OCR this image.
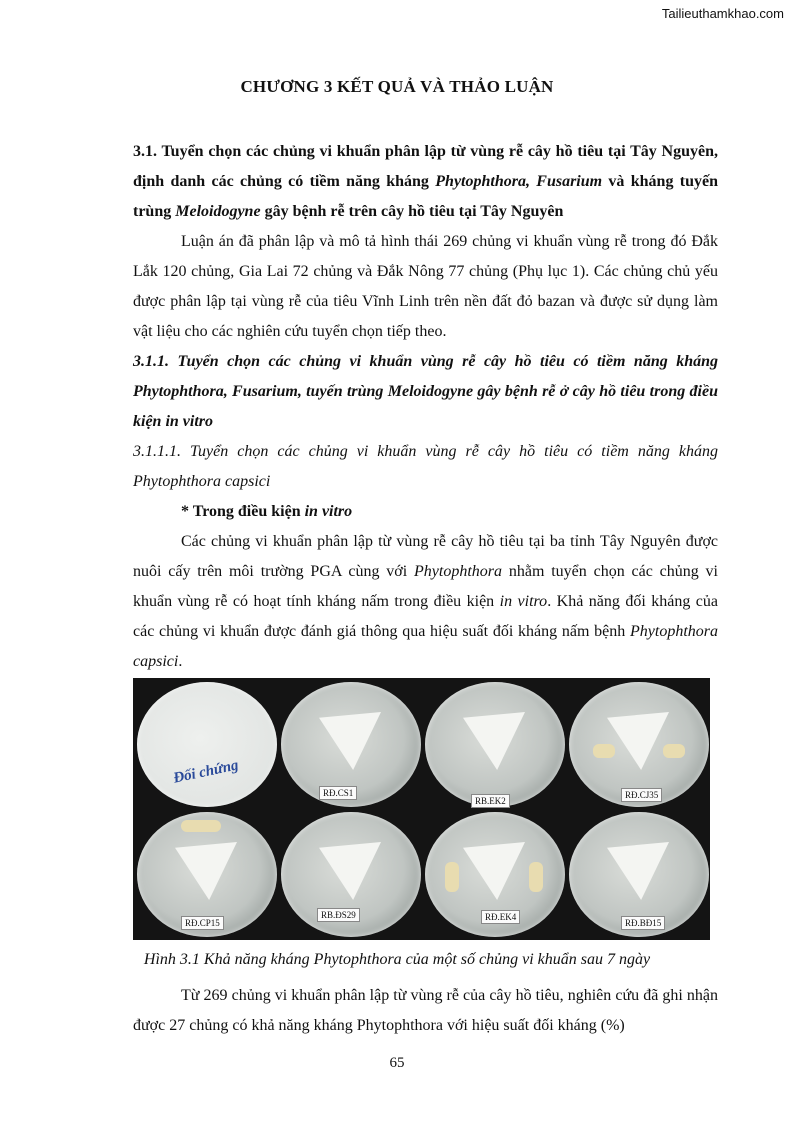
Tailieuthamkhao.com
CHƯƠNG 3 KẾT QUẢ VÀ THẢO LUẬN

3.1. Tuyển chọn các chủng vi khuẩn phân lập từ vùng rễ cây hồ tiêu tại Tây Nguyên, định danh các chủng có tiềm năng kháng Phytophthora, Fusarium và kháng tuyến trùng Meloidogyne gây bệnh rễ trên cây hồ tiêu tại Tây Nguyên

Luận án đã phân lập và mô tả hình thái 269 chủng vi khuẩn vùng rễ trong đó Đắk Lắk 120 chủng, Gia Lai 72 chủng và Đắk Nông 77 chủng (Phụ lục 1). Các chủng chủ yếu được phân lập tại vùng rễ của tiêu Vĩnh Linh trên nền đất đỏ bazan và được sử dụng làm vật liệu cho các nghiên cứu tuyển chọn tiếp theo.

3.1.1. Tuyển chọn các chủng vi khuẩn vùng rễ cây hồ tiêu có tiềm năng kháng Phytophthora, Fusarium, tuyến trùng Meloidogyne gây bệnh rễ ở cây hồ tiêu trong điều kiện in vitro

3.1.1.1. Tuyển chọn các chủng vi khuẩn vùng rễ cây hồ tiêu có tiềm năng kháng Phytophthora capsici

* Trong điều kiện in vitro

Các chủng vi khuẩn phân lập từ vùng rễ cây hồ tiêu tại ba tỉnh Tây Nguyên được nuôi cấy trên môi trường PGA cùng với Phytophthora nhằm tuyển chọn các chủng vi khuẩn vùng rễ có hoạt tính kháng nấm trong điều kiện in vitro. Khả năng đối kháng của các chủng vi khuẩn được đánh giá thông qua hiệu suất đối kháng nấm bệnh Phytophthora capsici.

Đối chứng
RĐ.CS1
RB.EK2
RĐ.CJ35
RĐ.CP15
RB.ĐS29	RĐ.EK4
RĐ.BĐ15
Hình 3.1 Khả năng kháng Phytophthora của một số chủng vi khuẩn sau 7 ngày

Từ 269 chủng vi khuẩn phân lập từ vùng rễ của cây hồ tiêu, nghiên cứu đã ghi nhận được 27 chủng có khả năng kháng Phytophthora với hiệu suất đối kháng (%)

65
